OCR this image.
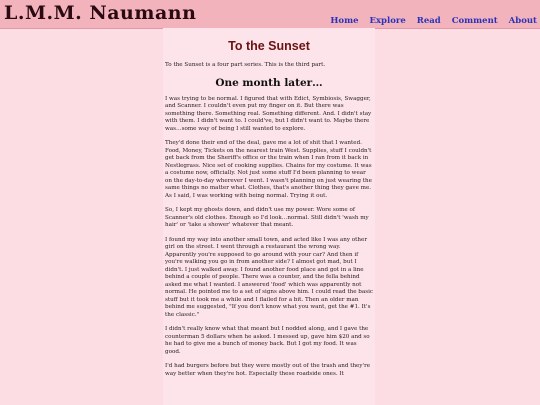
L.M.M. Naumann	Home Explore Read Comment About
To the Sunset

To the Sunset is a four part series. This is the third part.

One month later…

I was trying to be normal. I figured that with Edict, Symbiosis, Swagger, and Scanner. I couldn't even put my finger on it. But there was something there. Something real. Something different. And. I didn't stay with them. I didn't want to. I could've, but I didn't want to. Maybe there was…some way of being I still wanted to explore.

They'd done their end of the deal, gave me a lot of shit that I wanted. Food, Money, Tickets on the nearest train West. Supplies, stuff I couldn't get back from the Sheriff's office or the train when I ran from it back in Nestlegrass. Nice set of cooking supplies. Chains for my costume. It was a costume now, officially. Not just some stuff I'd been planning to wear on the day-to-day wherever I went. I wasn't planning on just wearing the same things no matter what. Clothes, that's another thing they gave me. As I said, I was working with being normal. Trying it out.

So, I kept my ghosts down, and didn't use my power. Wore some of Scanner's old clothes. Enough so I'd look…normal. Still didn't 'wash my hair' or 'take a shower' whatever that meant.

I found my way into another small town, and acted like I was any other girl on the street. I went through a restaurant the wrong way. Apparently you're supposed to go around with your car? And then if you're walking you go in from another side? I almost got mad, but I didn't. I just walked away. I found another food place and got in a line behind a couple of people. There was a counter, and the fella behind asked me what I wanted. I answered 'food' which was apparently not normal. He pointed me to a set of signs above him. I could read the basic stuff but it took me a while and I flailed for a bit. Then an older man behind me suggested, "If you don't know what you want, get the #1. It's the classic."

I didn't really know what that meant but I nodded along, and I gave the counterman 5 dollars when he asked. I messed up, gave him $20 and so he had to give me a bunch of money back. But I got my food. It was good.

I'd had burgers before but they were mostly out of the trash and they're way better when they're hot. Especially these roadside ones. It
